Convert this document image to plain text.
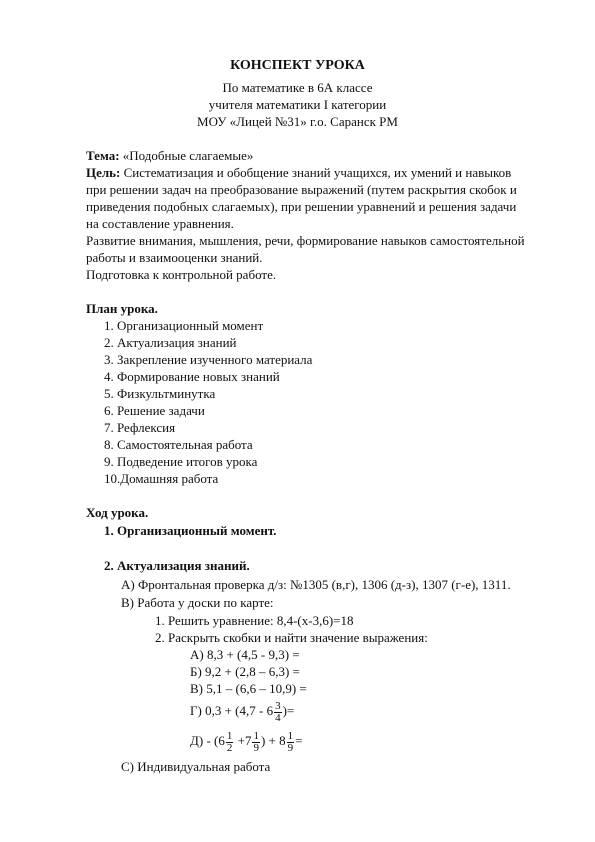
КОНСПЕКТ УРОКА
По математике в 6А классе
учителя математики I категории
МОУ «Лицей №31» г.о. Саранск РМ
Тема: «Подобные слагаемые»
Цель: Систематизация и обобщение знаний учащихся, их умений и навыков
при решении задач на преобразование выражений (путем раскрытия скобок и
приведения подобных слагаемых), при решении уравнений и решения задачи
на составление уравнения.
Развитие внимания, мышления, речи, формирование навыков самостоятельной
работы и взаимооценки знаний.
Подготовка к контрольной работе.
План урока.
1. Организационный момент
2. Актуализация знаний
3. Закрепление изученного материала
4. Формирование новых знаний
5. Физкультминутка
6. Решение задачи
7. Рефлексия
8. Самостоятельная работа
9. Подведение итогов урока
10.Домашняя работа
Ход урока.
1. Организационный момент.
2. Актуализация знаний.
А) Фронтальная проверка д/з: №1305 (в,г), 1306 (д-з), 1307 (г-е), 1311.
В) Работа у доски по карте:
1. Решить уравнение: 8,4-(х-3,6)=18
2. Раскрыть скобки и найти значение выражения:
А) 8,3 + (4,5 - 9,3) =
Б) 9,2 + (2,8 – 6,3) =
В) 5,1 – (6,6 – 10,9) =
Г) $0,3 + (4,7 - 6 \frac{3}{4}$ )=
$Д) - (6 \frac{1}{2} +7 \frac{1}{9}$ ) + $8 \frac{1}{9}$ =
С) Индивидуальная работа
